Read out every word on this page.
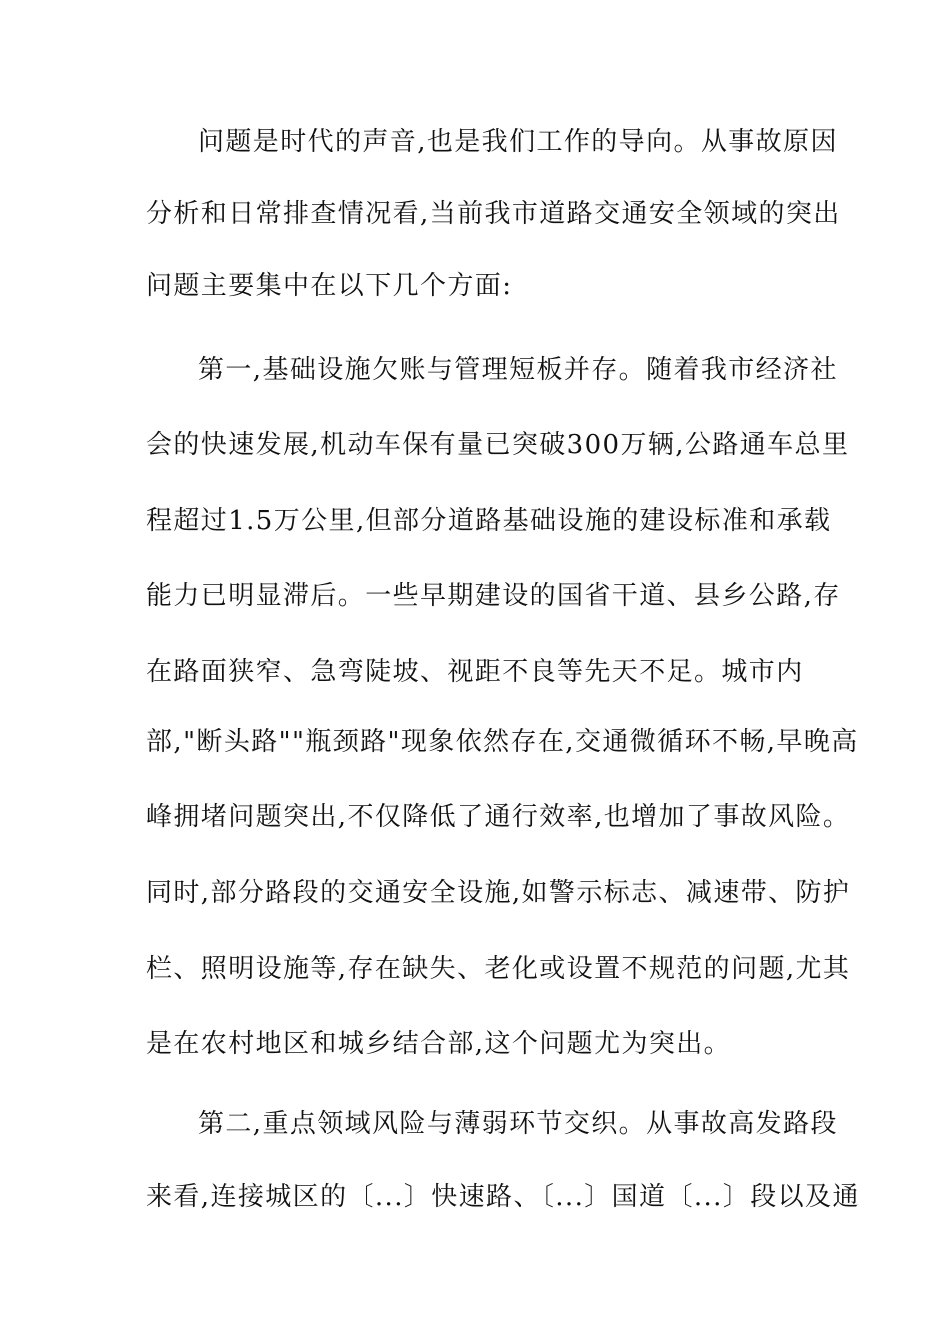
问题是时代的声音,也是我们工作的导向。从事故原因
分析和日常排查情况看,当前我市道路交通安全领域的突出
问题主要集中在以下几个方面:
第一,基础设施欠账与管理短板并存。随着我市经济社
会的快速发展,机动车保有量已突破300万辆,公路通车总里
程超过1.5万公里,但部分道路基础设施的建设标准和承载
能力已明显滞后。一些早期建设的国省干道、县乡公路,存
在路面狭窄、急弯陡坡、视距不良等先天不足。城市内
部,"断头路""瓶颈路"现象依然存在,交通微循环不畅,早晚高
峰拥堵问题突出,不仅降低了通行效率,也增加了事故风险。
同时,部分路段的交通安全设施,如警示标志、减速带、防护
栏、照明设施等,存在缺失、老化或设置不规范的问题,尤其
是在农村地区和城乡结合部,这个问题尤为突出。
第二,重点领域风险与薄弱环节交织。从事故高发路段
来看,连接城区的〔...〕快速路、〔...〕国道〔...〕段以及通
